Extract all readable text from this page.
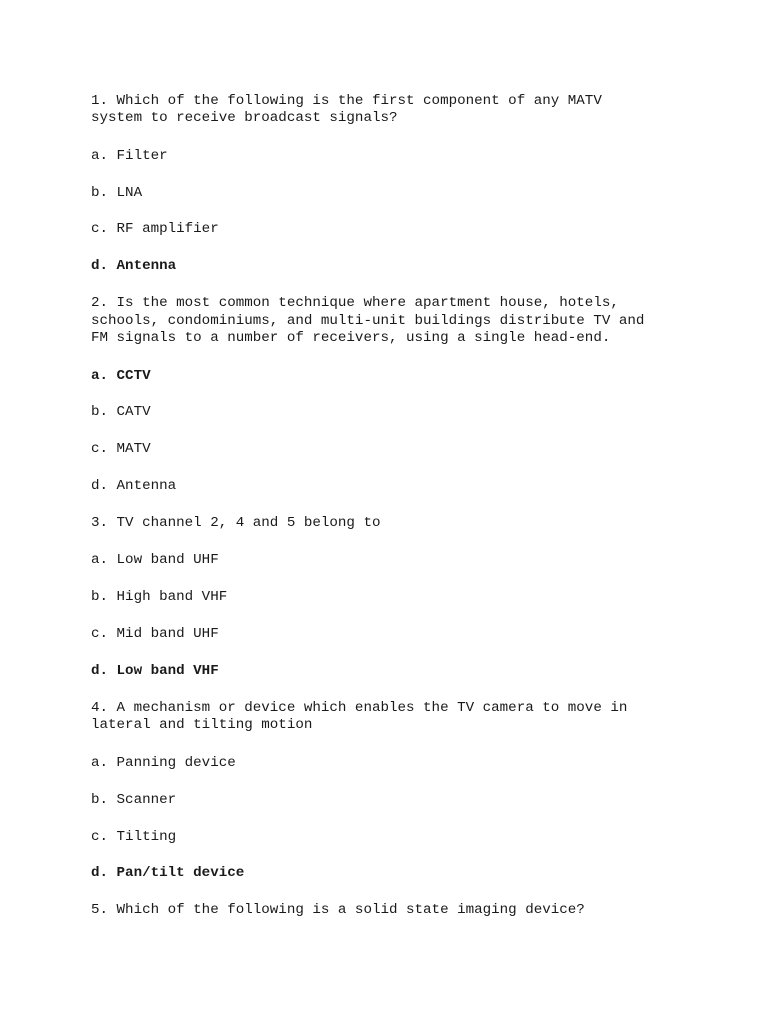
1. Which of the following is the first component of any MATV
system to receive broadcast signals?
a. Filter
b. LNA
c. RF amplifier
d. Antenna
2. Is the most common technique where apartment house, hotels,
schools, condominiums, and multi-unit buildings distribute TV and
FM signals to a number of receivers, using a single head-end.
a. CCTV
b. CATV
c. MATV
d. Antenna
3. TV channel 2, 4 and 5 belong to
a. Low band UHF
b. High band VHF
c. Mid band UHF
d. Low band VHF
4. A mechanism or device which enables the TV camera to move in
lateral and tilting motion
a. Panning device
b. Scanner
c. Tilting
d. Pan/tilt device
5. Which of the following is a solid state imaging device?
